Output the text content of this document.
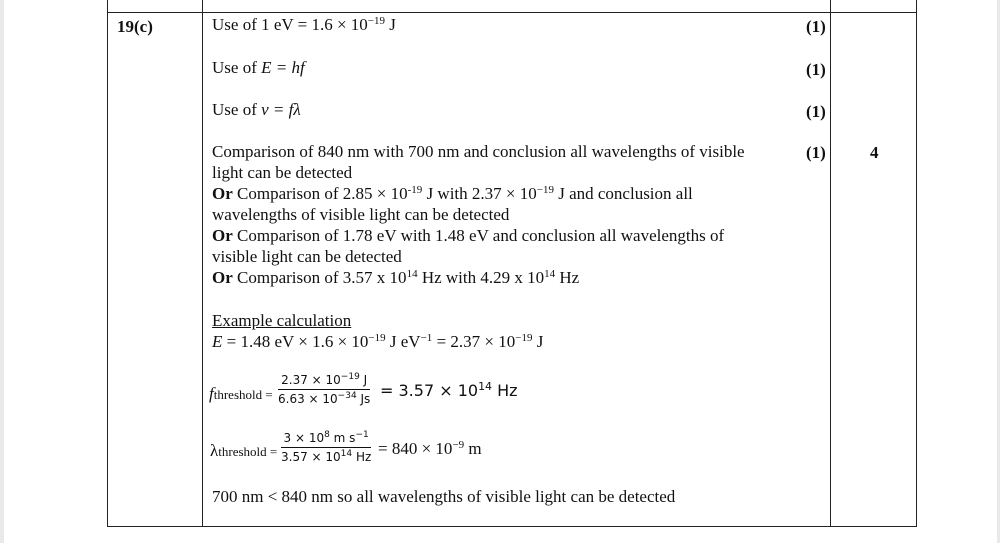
19(c)	Use of 1 eV = $1.6 \times 10^{-19}$ J
Use of E = hf
Use of v = fλ
Comparison of 840 nm with 700 nm and conclusion all wavelengths of visible
light can be detected
Or Comparison of $2.85 \times 10^{-19}$ J with $2.37 \times 10^{-19}$ J and conclusion all
wavelengths of visible light can be detected
Or Comparison of 1.78 eV with 1.48 eV and conclusion all wavelengths of
visible light can be detected
Or Comparison of 3.57 x $10^{14}$ Hz with 4.29 x $10^{14}$ Hz
(1)
(1)
(1)
(1)	4
Example calculation
E = 1.48 eV × $1.6 \times 10^{-19}$ J $eV^{-1} = 2.37 \times 10^{-19}$ J
fthreshold = $\frac{2.37 \times 10^{-19} J}{6.63 \times 10^{-34} Js} = 3.57 \times 10^{14}$ Hz
λthreshold = $\frac{3 \times 10^8 m s^{-1}}{3.57 \times 10^{14} Hz} = 840 \times 10^{-9}$ m
700 nm < 840 nm so all wavelengths of visible light can be detected
